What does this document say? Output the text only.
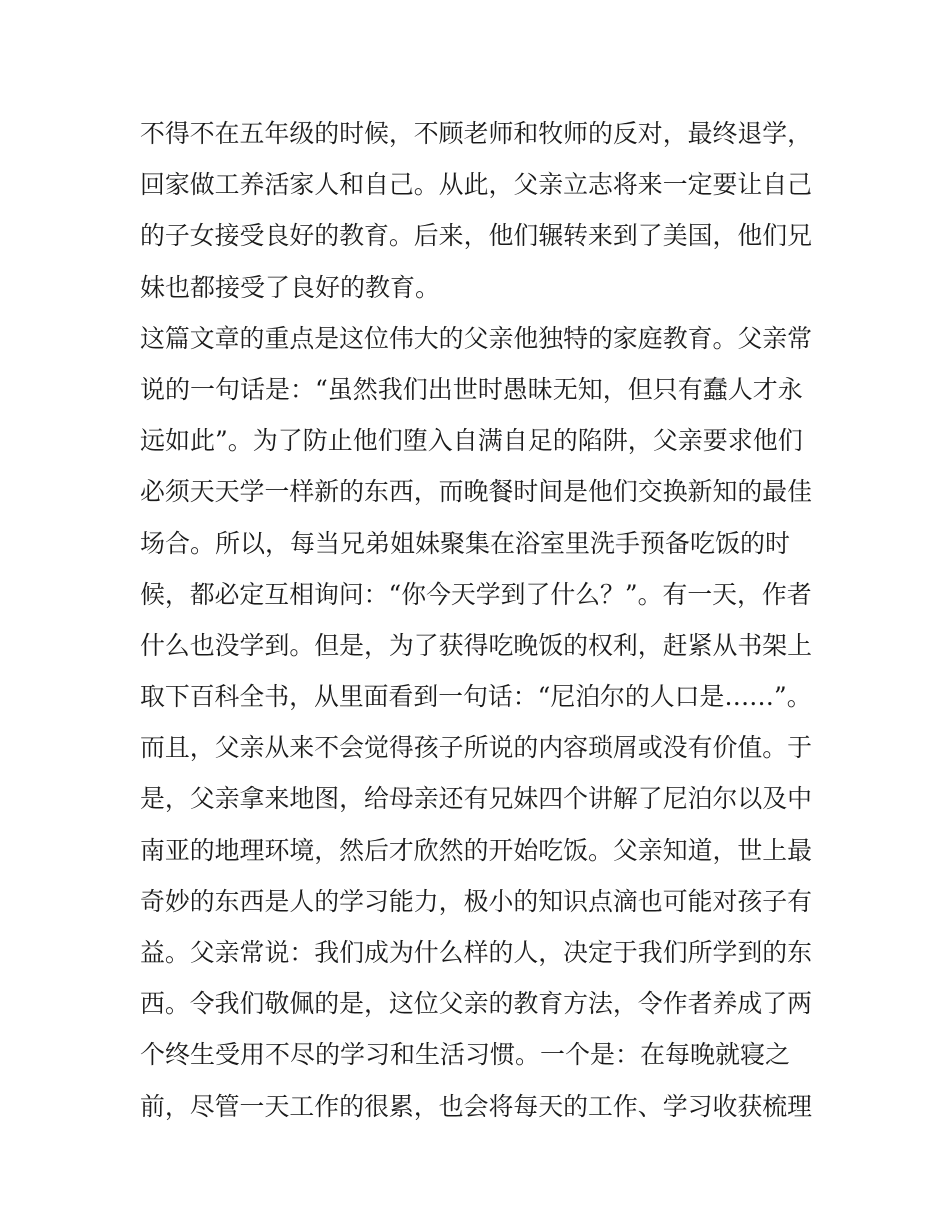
不得不在五年级的时候，不顾老师和牧师的反对，最终退学，
回家做工养活家人和自己。从此，父亲立志将来一定要让自己
的子女接受良好的教育。后来，他们辗转来到了美国，他们兄
妹也都接受了良好的教育。
这篇文章的重点是这位伟大的父亲他独特的家庭教育。父亲常
说的一句话是：“虽然我们出世时愚昧无知，但只有蠢人才永
远如此”。为了防止他们堕入自满自足的陷阱，父亲要求他们
必须天天学一样新的东西，而晚餐时间是他们交换新知的最佳
场合。所以，每当兄弟姐妹聚集在浴室里洗手预备吃饭的时
候，都必定互相询问：“你今天学到了什么？”。有一天，作者
什么也没学到。但是，为了获得吃晚饭的权利，赶紧从书架上
取下百科全书，从里面看到一句话：“尼泊尔的人口是……”。
而且，父亲从来不会觉得孩子所说的内容琐屑或没有价值。于
是，父亲拿来地图，给母亲还有兄妹四个讲解了尼泊尔以及中
南亚的地理环境，然后才欣然的开始吃饭。父亲知道，世上最
奇妙的东西是人的学习能力，极小的知识点滴也可能对孩子有
益。父亲常说：我们成为什么样的人，决定于我们所学到的东
西。令我们敬佩的是，这位父亲的教育方法，令作者养成了两
个终生受用不尽的学习和生活习惯。一个是：在每晚就寝之
前，尽管一天工作的很累，也会将每天的工作、学习收获梳理
